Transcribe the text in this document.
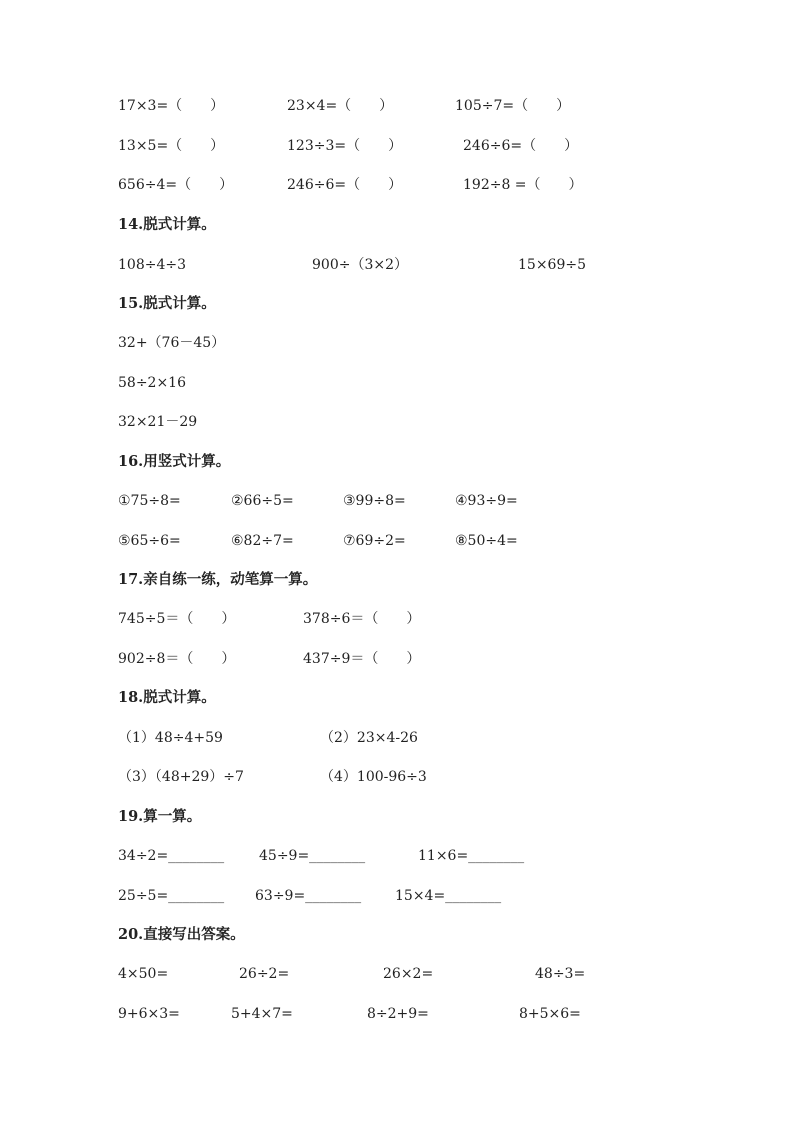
17×3=（　　）	23×4=（　　）	105÷7=（　　）
13×5=（　　）	123÷3=（　　）	246÷6=（　　）
656÷4=（　　）	246÷6=（　　）	192÷8 =（　　）
14.脱式计算。
108÷4÷3	900÷（3×2）	15×69÷5
15.脱式计算。
32+（76－45）
58÷2×16
32×21－29
16.用竖式计算。
①75÷8=	②66÷5=	③99÷8=	④93÷9=
⑤65÷6=	⑥82÷7=	⑦69÷2=	⑧50÷4=
17.亲自练一练，动笔算一算。
745÷5＝（　　）	378÷6＝（　　）
902÷8＝（　　）	437÷9＝（　　）
18.脱式计算。
（1）48÷4+59	（2）23×4-26
（3）（48+29）÷7	（4）100-96÷3
19.算一算。
34÷2=________ 45÷9=________	11×6=________
25÷5=________ 63÷9=________ 15×4=________
20.直接写出答案。
4×50=	26÷2=	26×2=	48÷3=
9+6×3=	5+4×7=	8÷2+9=	8+5×6=
